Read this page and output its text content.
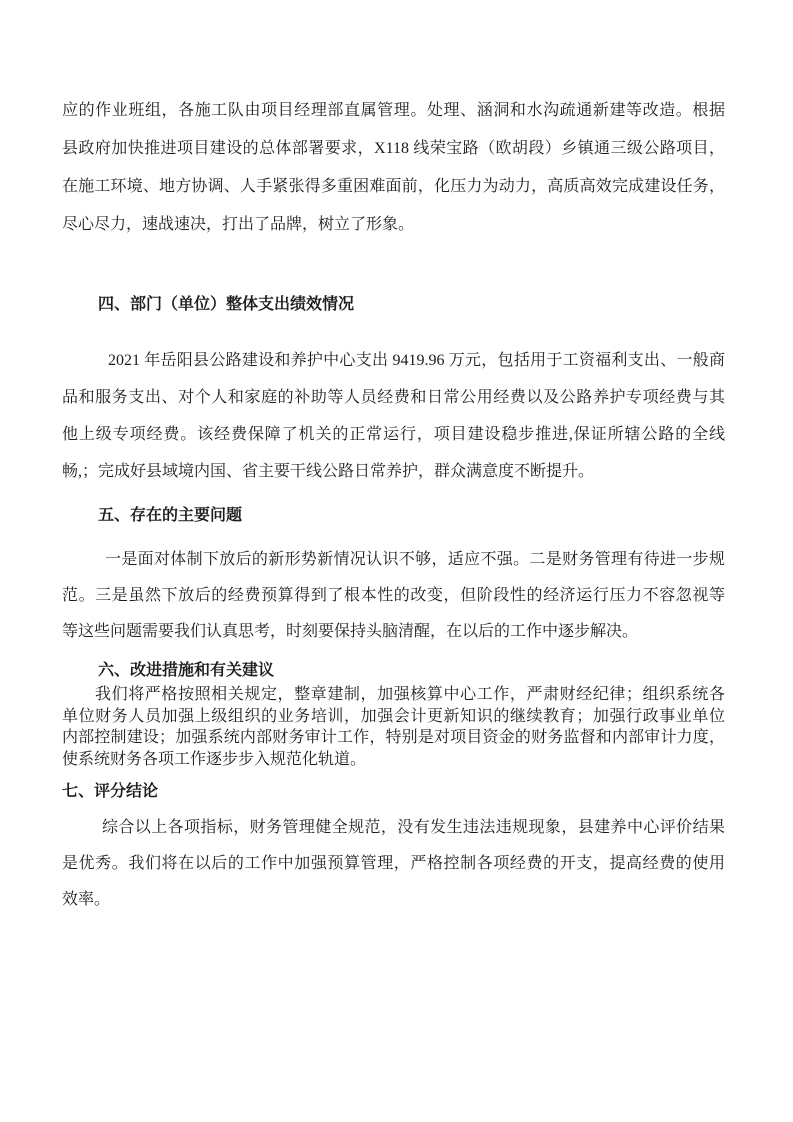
应的作业班组，各施工队由项目经理部直属管理。处理、涵洞和水沟疏通新建等改造。根据
县政府加快推进项目建设的总体部署要求，X118 线荣宝路（欧胡段）乡镇通三级公路项目，
在施工环境、地方协调、人手紧张得多重困难面前，化压力为动力，高质高效完成建设任务，
尽心尽力，速战速决，打出了品牌，树立了形象。
四、部门（单位）整体支出绩效情况
2021 年岳阳县公路建设和养护中心支出 9419.96 万元，包括用于工资福利支出、一般商
品和服务支出、对个人和家庭的补助等人员经费和日常公用经费以及公路养护专项经费与其
他上级专项经费。该经费保障了机关的正常运行，项目建设稳步推进,保证所辖公路的全线
畅,；完成好县域境内国、省主要干线公路日常养护，群众满意度不断提升。
五、存在的主要问题
一是面对体制下放后的新形势新情况认识不够，适应不强。二是财务管理有待进一步规
范。三是虽然下放后的经费预算得到了根本性的改变，但阶段性的经济运行压力不容忽视等
等这些问题需要我们认真思考，时刻要保持头脑清醒，在以后的工作中逐步解决。
六、改进措施和有关建议
我们将严格按照相关规定，整章建制，加强核算中心工作，严肃财经纪律；组织系统各
单位财务人员加强上级组织的业务培训，加强会计更新知识的继续教育；加强行政事业单位
内部控制建设；加强系统内部财务审计工作，特别是对项目资金的财务监督和内部审计力度，
使系统财务各项工作逐步步入规范化轨道。
七、评分结论
综合以上各项指标，财务管理健全规范，没有发生违法违规现象，县建养中心评价结果
是优秀。我们将在以后的工作中加强预算管理，严格控制各项经费的开支，提高经费的使用
效率。
